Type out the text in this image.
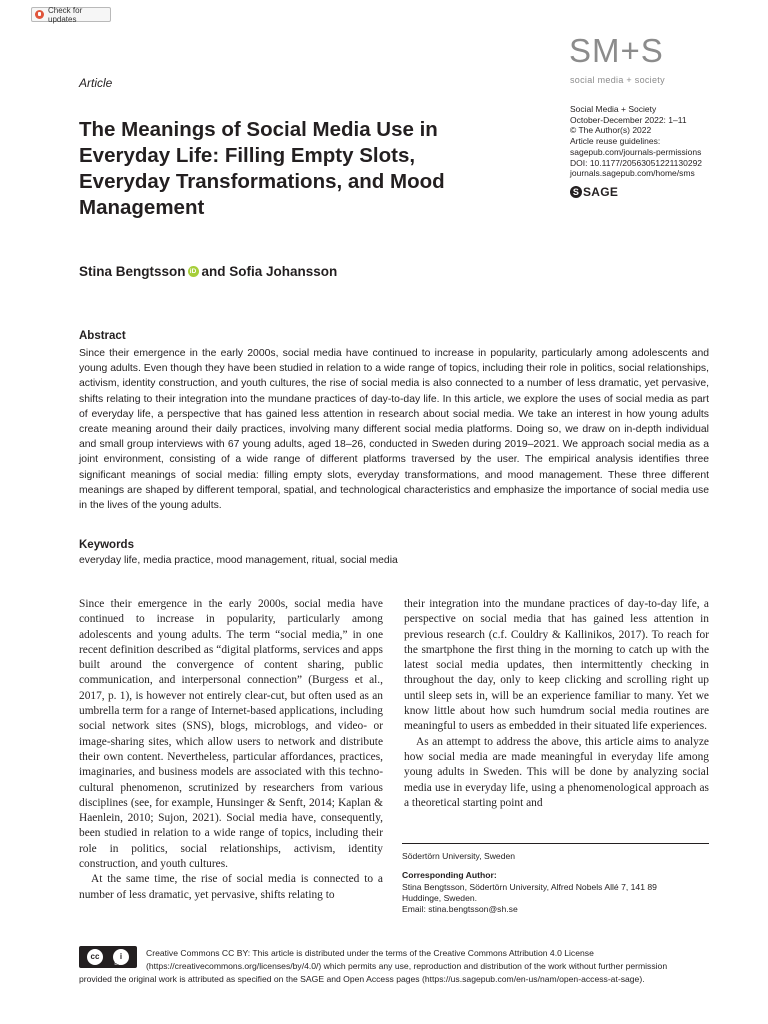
Check for updates
Article
SM+S
social media + society
Social Media + Society
October-December 2022: 1–11
© The Author(s) 2022
Article reuse guidelines:
sagepub.com/journals-permissions
DOI: 10.1177/20563051221130292
journals.sagepub.com/home/sms
S SAGE
The Meanings of Social Media Use in Everyday Life: Filling Empty Slots, Everyday Transformations, and Mood Management
Stina Bengtsson iD and Sofia Johansson
Abstract

Since their emergence in the early 2000s, social media have continued to increase in popularity, particularly among adolescents and young adults. Even though they have been studied in relation to a wide range of topics, including their role in politics, social relationships, activism, identity construction, and youth cultures, the rise of social media is also connected to a number of less dramatic, yet pervasive, shifts relating to their integration into the mundane practices of day-to-day life. In this article, we explore the uses of social media as part of everyday life, a perspective that has gained less attention in research about social media. We take an interest in how young adults create meaning around their daily practices, involving many different social media platforms. Doing so, we draw on in-depth individual and small group interviews with 67 young adults, aged 18–26, conducted in Sweden during 2019–2021. We approach social media as a joint environment, consisting of a wide range of different platforms traversed by the user. The empirical analysis identifies three significant meanings of social media: filling empty slots, everyday transformations, and mood management. These three different meanings are shaped by different temporal, spatial, and technological characteristics and emphasize the importance of social media use in the lives of the young adults.

Keywords
everyday life, media practice, mood management, ritual, social media

Since their emergence in the early 2000s, social media have continued to increase in popularity, particularly among adolescents and young adults. The term “social media,” in one recent definition described as “digital platforms, services and apps built around the convergence of content sharing, public communication, and interpersonal connection” (Burgess et al., 2017, p. 1), is however not entirely clear-cut, but often used as an umbrella term for a range of Internet-based applications, including social network sites (SNS), blogs, microblogs, and video- or image-sharing sites, which allow users to network and distribute their own content. Nevertheless, particular affordances, practices, imaginaries, and business models are associated with this techno-cultural phenomenon, scrutinized by researchers from various disciplines (see, for example, Hunsinger & Senft, 2014; Kaplan & Haenlein, 2010; Sujon, 2021). Social media have, consequently, been studied in relation to a wide range of topics, including their role in politics, social relationships, activism, identity construction, and youth cultures.

At the same time, the rise of social media is connected to a number of less dramatic, yet pervasive, shifts relating to

their integration into the mundane practices of day-to-day life, a perspective on social media that has gained less attention in previous research (c.f. Couldry & Kallinikos, 2017). To reach for the smartphone the first thing in the morning to catch up with the latest social media updates, then intermittently checking in throughout the day, only to keep clicking and scrolling right up until sleep sets in, will be an experience familiar to many. Yet we know little about how such humdrum social media routines are meaningful to users as embedded in their situated life experiences.

As an attempt to address the above, this article aims to analyze how social media are made meaningful in everyday life among young adults in Sweden. This will be done by analyzing social media use in everyday life, using a phenomenological approach as a theoretical starting point and

Södertörn University, Sweden
Corresponding Author:
Stina Bengtsson, Södertörn University, Alfred Nobels Allé 7, 141 89
Huddinge, Sweden.
Email: stina.bengtsson@sh.se
cc	i
BY
Creative Commons CC BY: This article is distributed under the terms of the Creative Commons Attribution 4.0 License
(https://creativecommons.org/licenses/by/4.0/) which permits any use, reproduction and distribution of the work without further permission
provided the original work is attributed as specified on the SAGE and Open Access pages (https://us.sagepub.com/en-us/nam/open-access-at-sage).
